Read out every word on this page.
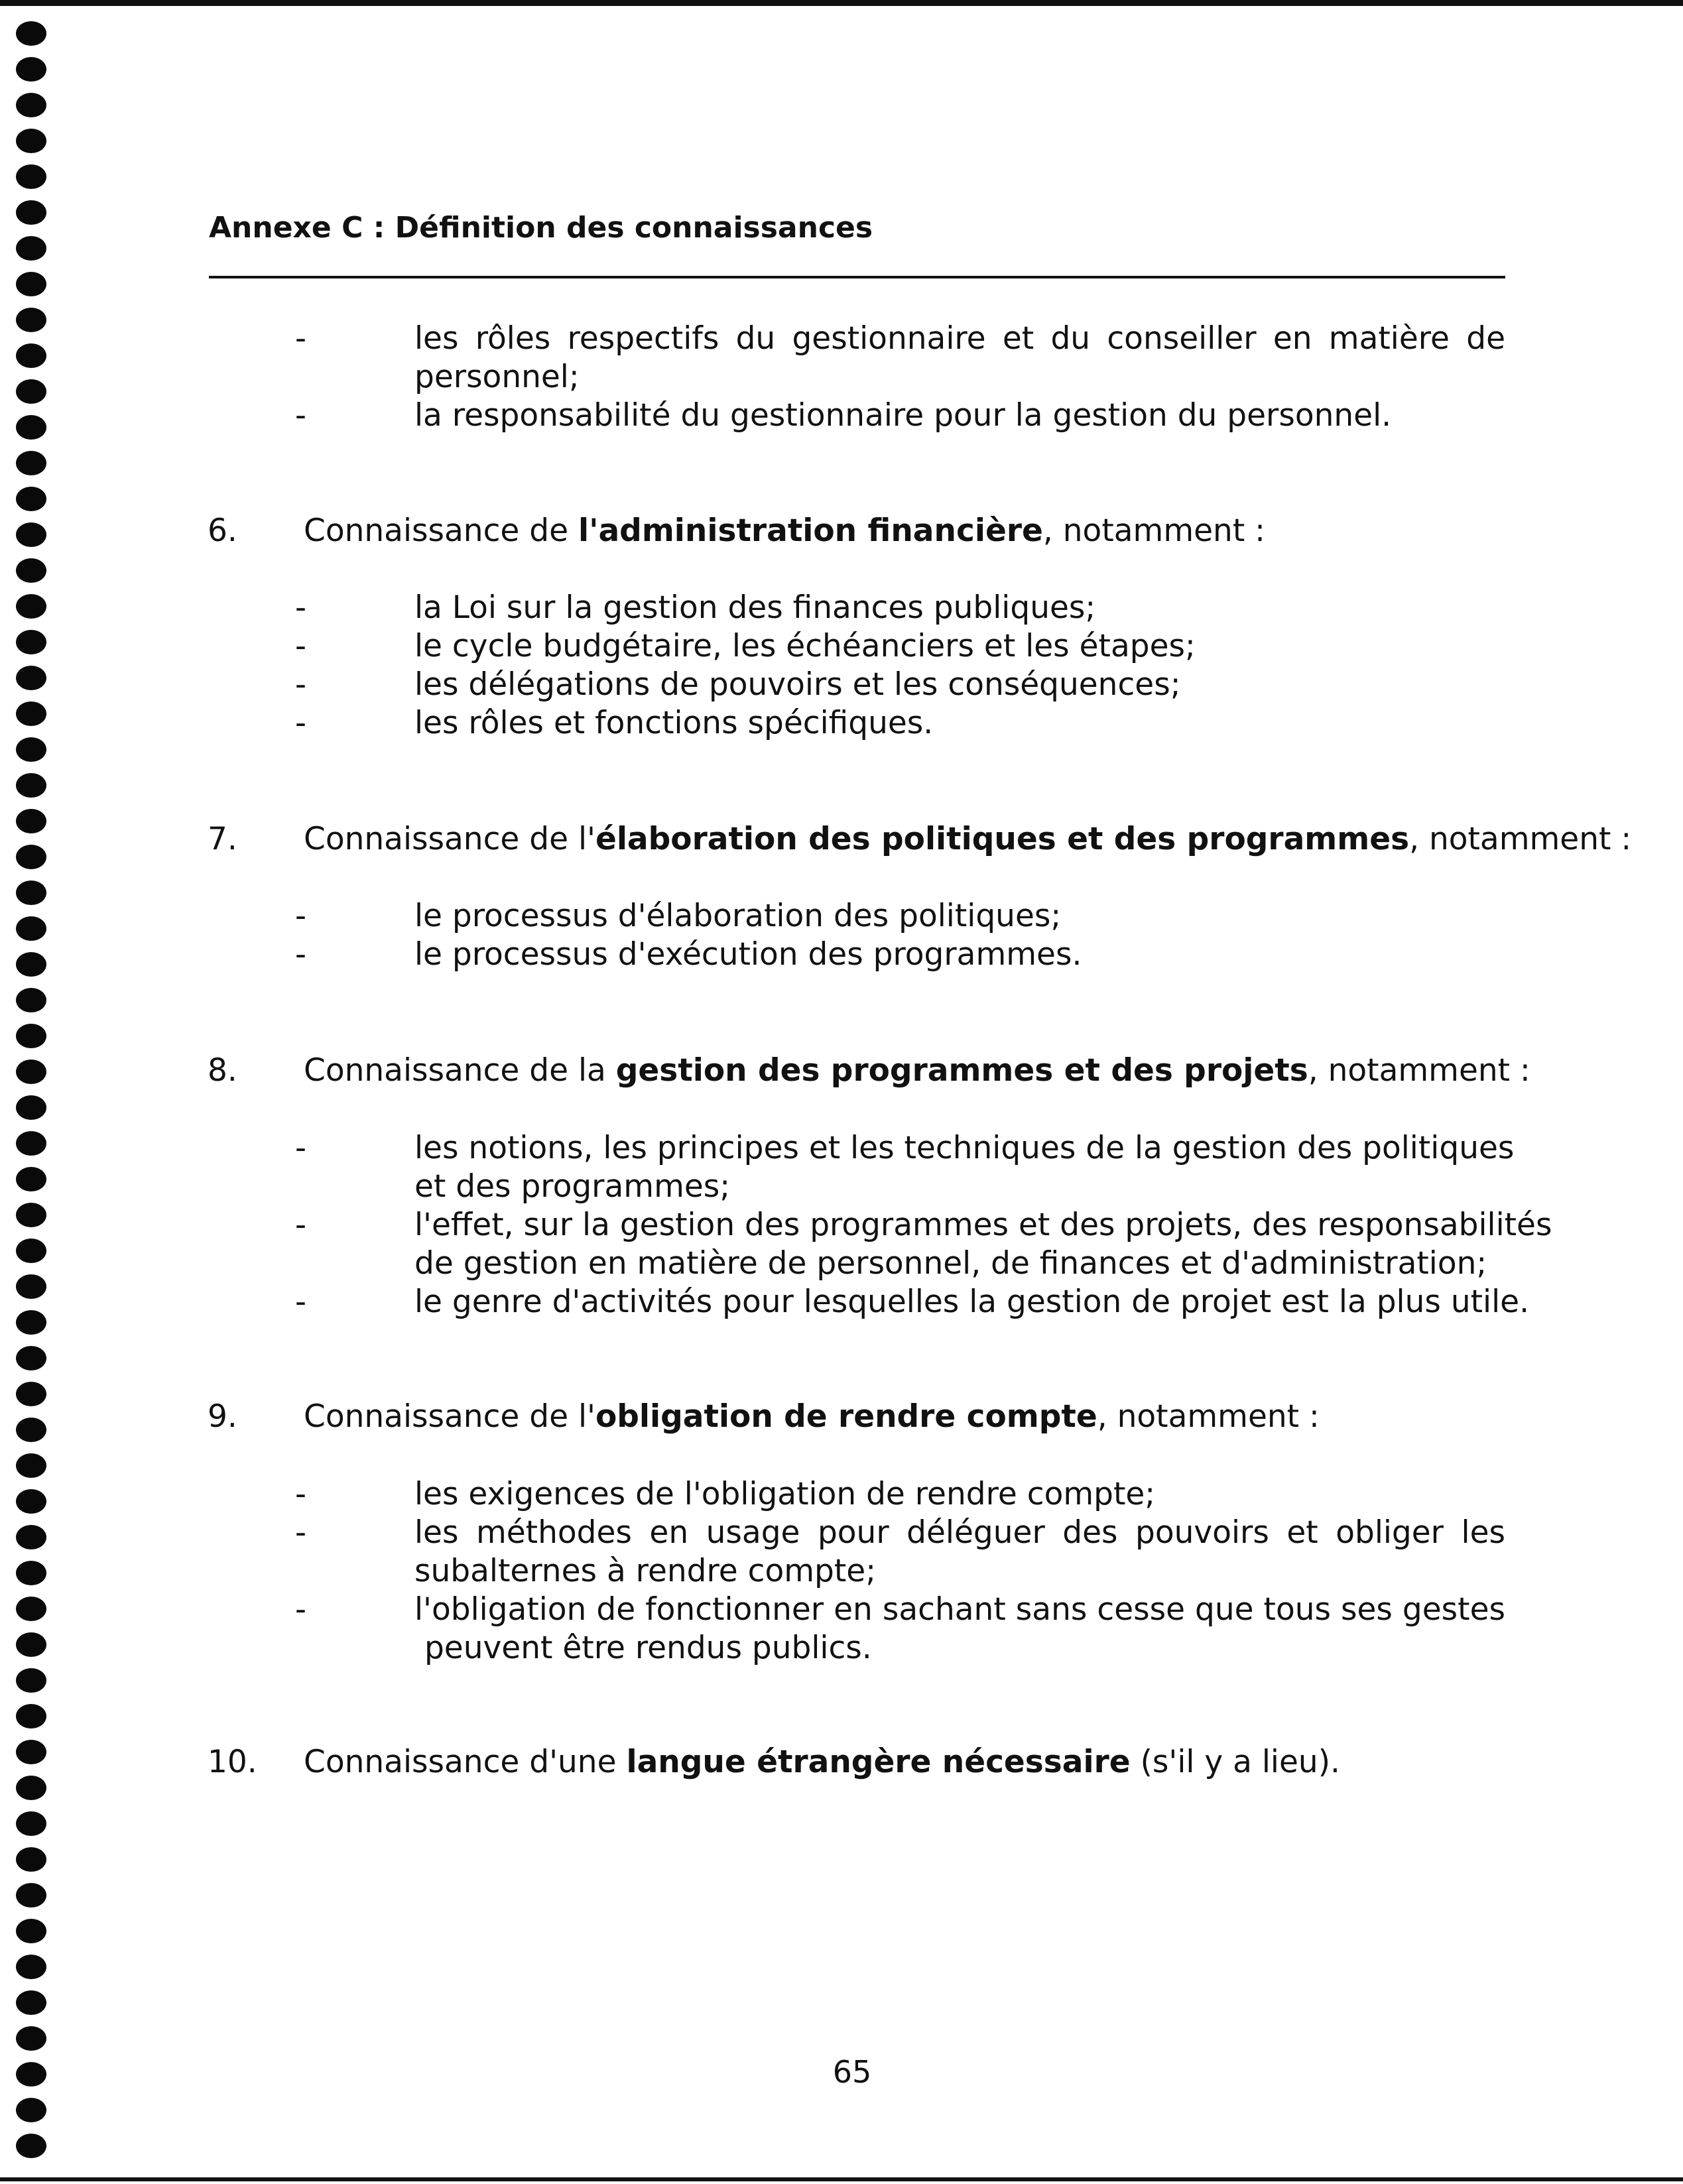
Annexe C : Définition des connaissances
-	les rôles respectifs du gestionnaire et du conseiller en matière de
personnel;
-	la responsabilité du gestionnaire pour la gestion du personnel.
6. Connaissance de l'administration financière, notamment :
-	la Loi sur la gestion des finances publiques;
-	le cycle budgétaire, les échéanciers et les étapes;
-	les délégations de pouvoirs et les conséquences;
-	les rôles et fonctions spécifiques.
7. Connaissance de l'élaboration des politiques et des programmes, notamment :
-	le processus d'élaboration des politiques;
-	le processus d'exécution des programmes.
8. Connaissance de la gestion des programmes et des projets, notamment :
-	les notions, les principes et les techniques de la gestion des politiques
et des programmes;
-	l'effet, sur la gestion des programmes et des projets, des responsabilités
de gestion en matière de personnel, de finances et d'administration;
-	le genre d'activités pour lesquelles la gestion de projet est la plus utile.
9. Connaissance de l'obligation de rendre compte, notamment :
-	les exigences de l'obligation de rendre compte;
-	les méthodes en usage pour déléguer des pouvoirs et obliger les
subalternes à rendre compte;
-	l'obligation de fonctionner en sachant sans cesse que tous ses gestes
peuvent être rendus publics.
10. Connaissance d'une langue étrangère nécessaire (s'il y a lieu).
65
